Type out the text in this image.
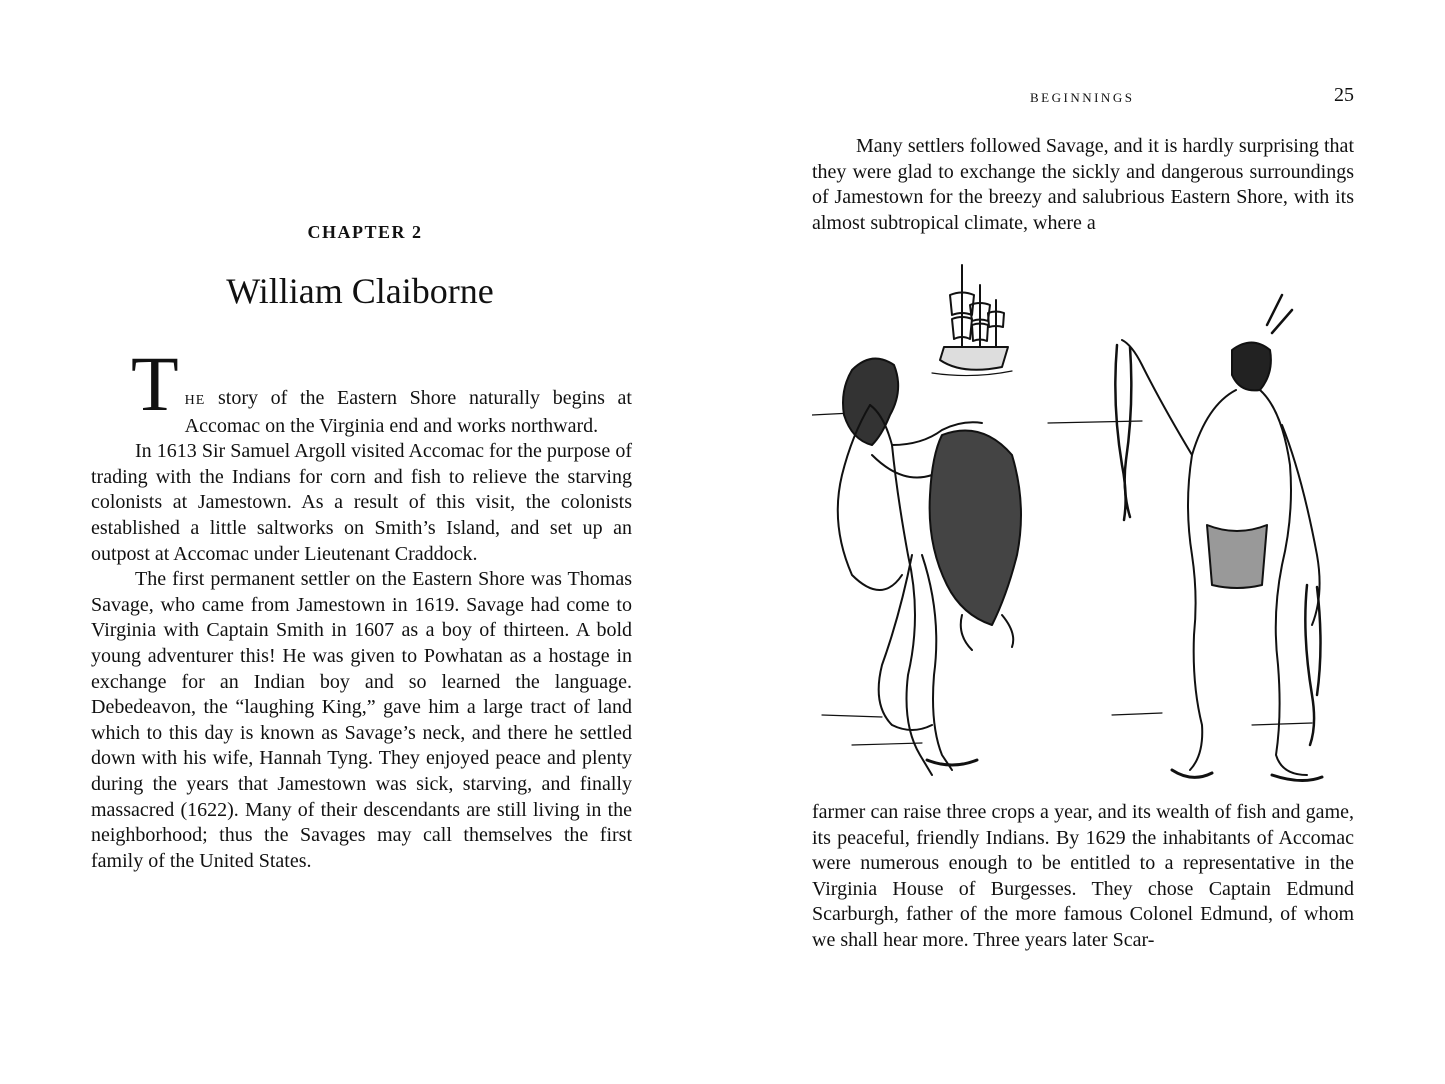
CHAPTER 2
William Claiborne

THE story of the Eastern Shore naturally begins at Accomac on the Virginia end and works northward.

In 1613 Sir Samuel Argoll visited Accomac for the purpose of trading with the Indians for corn and fish to relieve the starving colonists at Jamestown. As a result of this visit, the colonists established a little saltworks on Smith’s Island, and set up an outpost at Accomac under Lieutenant Craddock.

The first permanent settler on the Eastern Shore was Thomas Savage, who came from Jamestown in 1619. Savage had come to Virginia with Captain Smith in 1607 as a boy of thirteen. A bold young adventurer this! He was given to Powhatan as a hostage in exchange for an Indian boy and so learned the language. Debedeavon, the “laughing King,” gave him a large tract of land which to this day is known as Savage’s neck, and there he settled down with his wife, Hannah Tyng. They enjoyed peace and plenty during the years that Jamestown was sick, starving, and finally massacred (1622). Many of their descendants are still living in the neighborhood; thus the Savages may call themselves the first family of the United States.

BEGINNINGS	25

Many settlers followed Savage, and it is hardly surprising that they were glad to exchange the sickly and dangerous surroundings of Jamestown for the breezy and salubrious Eastern Shore, with its almost subtropical climate, where a

farmer can raise three crops a year, and its wealth of fish and game, its peaceful, friendly Indians. By 1629 the inhabitants of Accomac were numerous enough to be entitled to a representative in the Virginia House of Burgesses. They chose Captain Edmund Scarburgh, father of the more famous Colonel Edmund, of whom we shall hear more. Three years later Scar-
